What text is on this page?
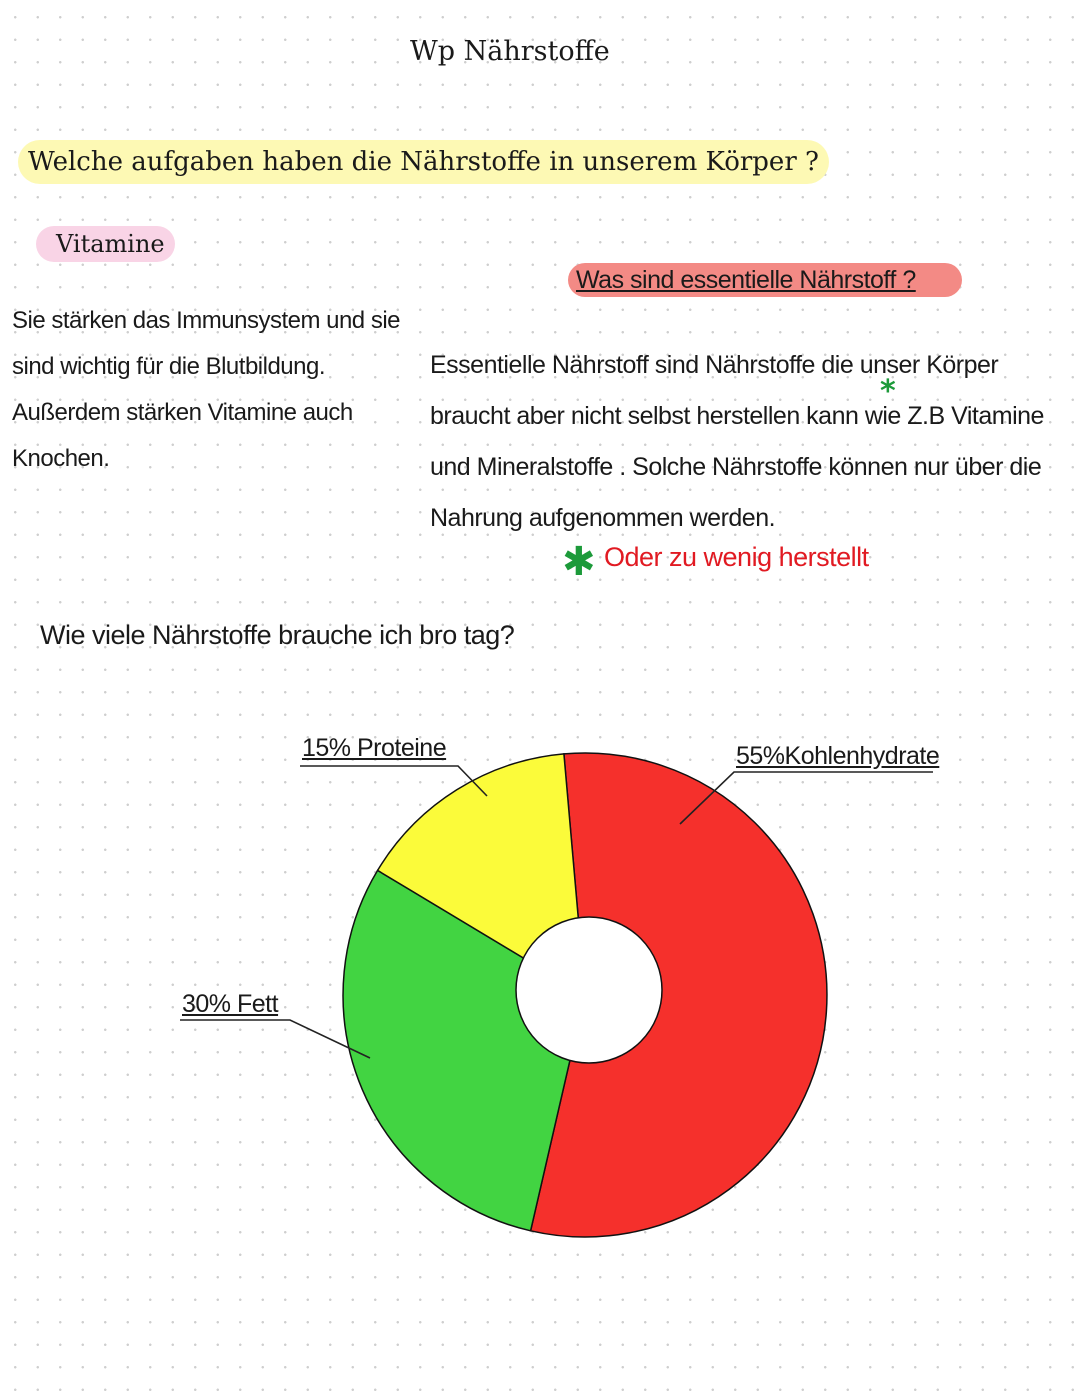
Wp Nährstoffe
Welche aufgaben haben die Nährstoffe in unserem Körper ?
Vitamine

Sie stärken das Immunsystem und sie sind wichtig für die Blutbildung. Außerdem stärken Vitamine auch Knochen.

Was sind essentielle Nährstoff ?

Essentielle Nährstoff sind Nährstoffe die unser Körper braucht aber nicht selbst herstellen kann wie Z.B Vitamine und Mineralstoffe . Solche Nährstoffe können nur über die Nahrung aufgenommen werden.

*
✱ Oder zu wenig herstellt
Wie viele Nährstoffe brauche ich bro tag?
15% Proteine	55%Kohlenhydrate
30% Fett
